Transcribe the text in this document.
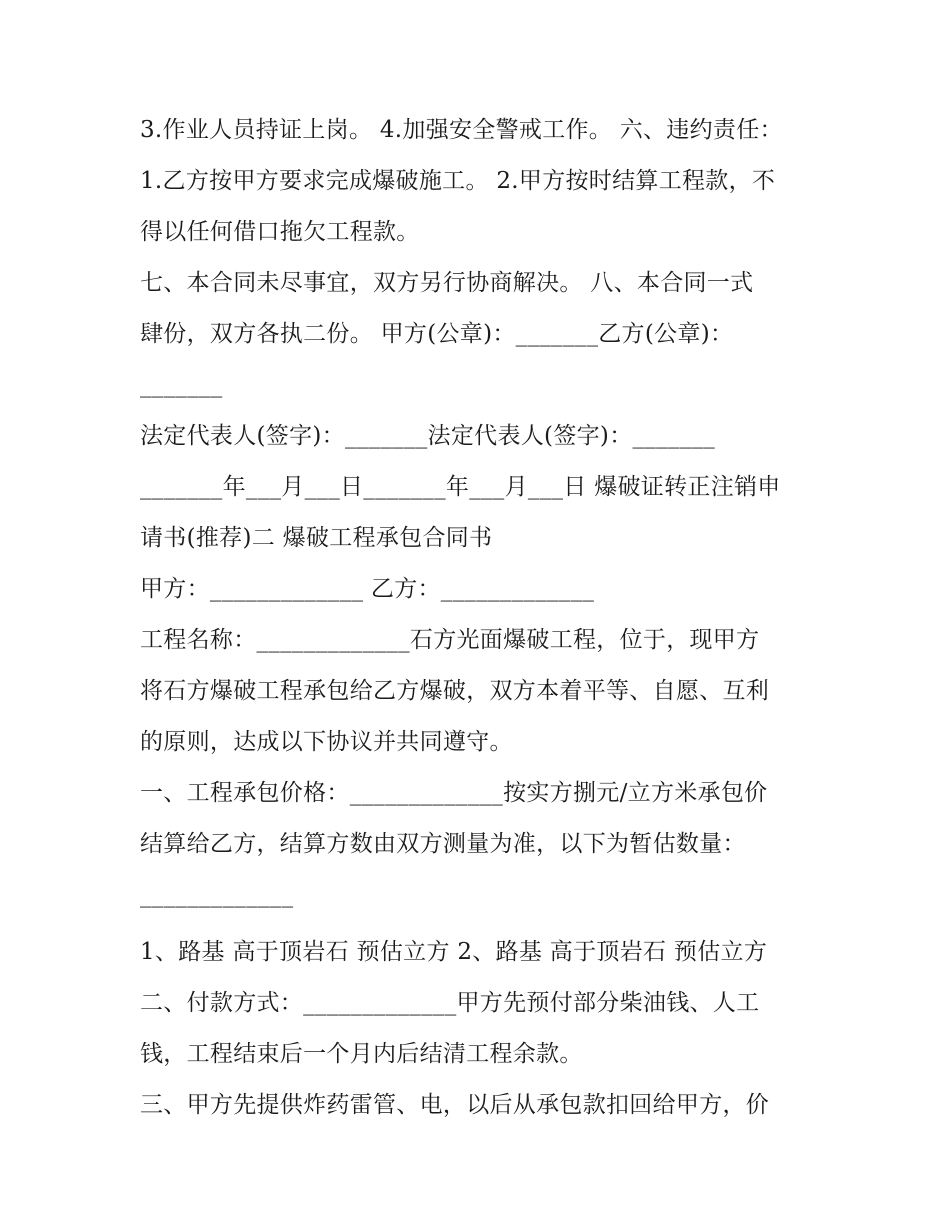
3.作业人员持证上岗。 4.加强安全警戒工作。 六、违约责任：
1.乙方按甲方要求完成爆破施工。 2.甲方按时结算工程款，不
得以任何借口拖欠工程款。
七、本合同未尽事宜，双方另行协商解决。 八、本合同一式
肆份，双方各执二份。 甲方(公章)：_______乙方(公章)：
_______
法定代表人(签字)：_______法定代表人(签字)：_______
_______年___月___日_______年___月___日 爆破证转正注销申
请书(推荐)二 爆破工程承包合同书
甲方：_____________ 乙方：_____________
工程名称：_____________石方光面爆破工程，位于，现甲方
将石方爆破工程承包给乙方爆破，双方本着平等、自愿、互利
的原则，达成以下协议并共同遵守。
一、工程承包价格：_____________按实方捌元/立方米承包价
结算给乙方，结算方数由双方测量为准，以下为暂估数量：
_____________
1、路基 高于顶岩石 预估立方 2、路基 高于顶岩石 预估立方
二、付款方式：_____________甲方先预付部分柴油钱、人工
钱，工程结束后一个月内后结清工程余款。
三、甲方先提供炸药雷管、电，以后从承包款扣回给甲方，价
